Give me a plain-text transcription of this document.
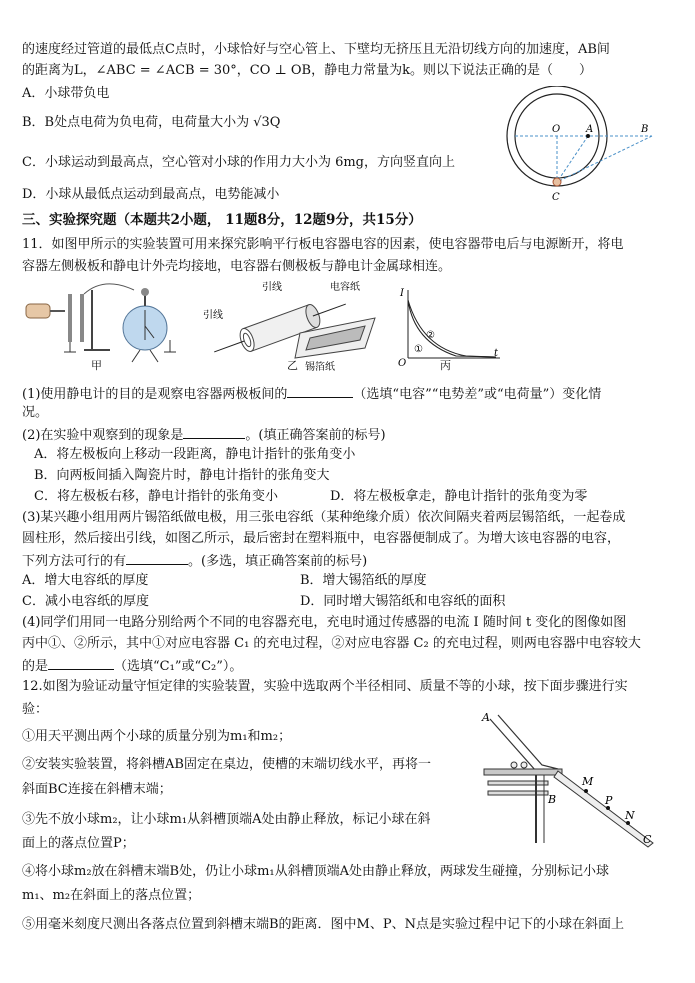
的速度经过管道的最低点C点时，小球恰好与空心管上、下壁均无挤压且无沿切线方向的加速度，AB间
的距离为L，∠ABC = ∠ACB = 30°，CO ⊥ OB，静电力常量为k。则以下说法正确的是（　　）
A．小球带负电
B．B处点电荷为负电荷，电荷量大小为 √3Q
C．小球运动到最高点，空心管对小球的作用力大小为 6mg，方向竖直向上
D．小球从最低点运动到最高点，电势能减小
O	A	B
C
三、实验探究题（本题共2小题， 11题8分，12题9分，共15分）
11．如图甲所示的实验装置可用来探究影响平行板电容器电容的因素，使电容器带电后与电源断开，将电
容器左侧极板和静电计外壳均接地，电容器右侧极板与静电计金属球相连。
甲
引线	电容纸
引线
锡箔纸
乙
I
t
O
①
②
丙
(1)使用静电计的目的是观察电容器两极板间的	（选填“电容”“电势差”或“电荷量”）变化情
况。
(2)在实验中观察到的现象是	。(填正确答案前的标号)
A．将左极板向上移动一段距离，静电计指针的张角变小
B．向两板间插入陶瓷片时，静电计指针的张角变大
C．将左极板右移，静电计指针的张角变小	D．将左极板拿走，静电计指针的张角变为零
(3)某兴趣小组用两片锡箔纸做电极，用三张电容纸（某种绝缘介质）依次间隔夹着两层锡箔纸，一起卷成
圆柱形，然后接出引线，如图乙所示，最后密封在塑料瓶中，电容器便制成了。为增大该电容器的电容，
下列方法可行的有	。(多选，填正确答案前的标号)
A．增大电容纸的厚度	B．增大锡箔纸的厚度
C．减小电容纸的厚度	D．同时增大锡箔纸和电容纸的面积
(4)同学们用同一电路分别给两个不同的电容器充电，充电时通过传感器的电流 I 随时间 t 变化的图像如图
丙中①、②所示，其中①对应电容器 C₁ 的充电过程，②对应电容器 C₂ 的充电过程，则两电容器中电容较大
的是	（选填“C₁”或“C₂”）。
12.如图为验证动量守恒定律的实验装置，实验中选取两个半径相同、质量不等的小球，按下面步骤进行实
验：
①用天平测出两个小球的质量分别为m₁和m₂；
②安装实验装置，将斜槽AB固定在桌边，使槽的末端切线水平，再将一
斜面BC连接在斜槽末端；
③先不放小球m₂，让小球m₁从斜槽顶端A处由静止释放，标记小球在斜
面上的落点位置P；
④将小球m₂放在斜槽末端B处，仍让小球m₁从斜槽顶端A处由静止释放，两球发生碰撞，分别标记小球
m₁、m₂在斜面上的落点位置；
⑤用毫米刻度尺测出各落点位置到斜槽末端B的距离．图中M、P、N点是实验过程中记下的小球在斜面上
A
B
C
M
P
N
